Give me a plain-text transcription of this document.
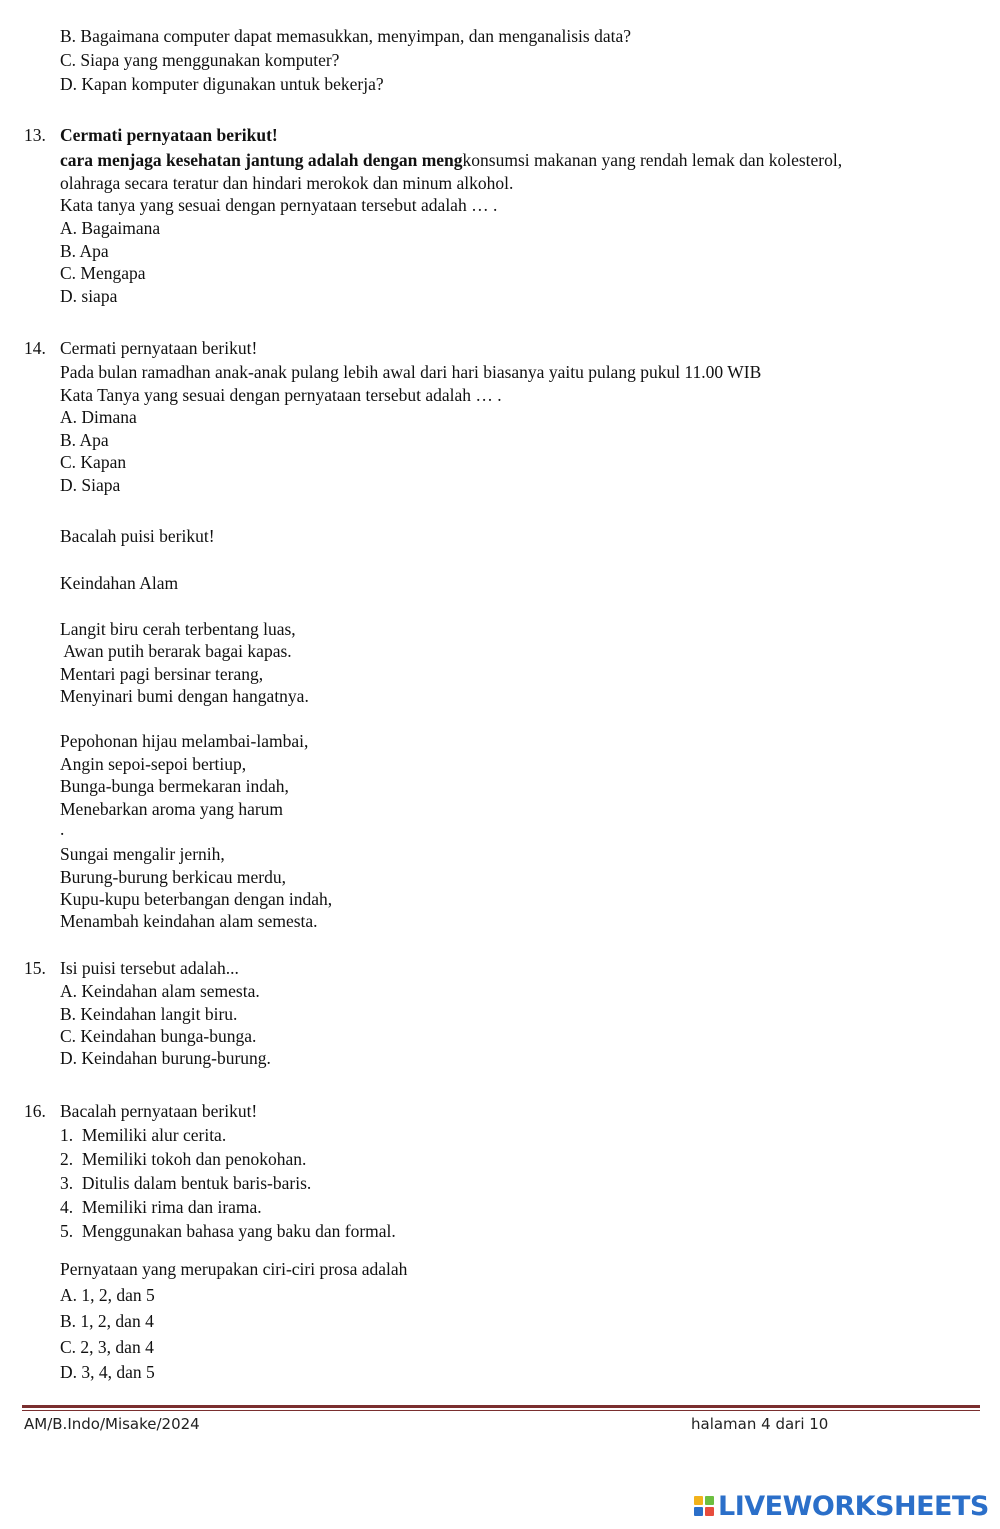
B. Bagaimana computer dapat memasukkan, menyimpan, dan menganalisis data?
C. Siapa yang menggunakan komputer?
D. Kapan komputer digunakan untuk bekerja?
13. Cermati pernyataan berikut!
cara menjaga kesehatan jantung adalah dengan mengkonsumsi makanan yang rendah lemak dan kolesterol,
olahraga secara teratur dan hindari merokok dan minum alkohol.
Kata tanya yang sesuai dengan pernyataan tersebut adalah … .
A. Bagaimana
B. Apa
C. Mengapa
D. siapa
14. Cermati pernyataan berikut!
Pada bulan ramadhan anak-anak pulang lebih awal dari hari biasanya yaitu pulang pukul 11.00 WIB
Kata Tanya yang sesuai dengan pernyataan tersebut adalah … .
A. Dimana
B. Apa
C. Kapan
D. Siapa
Bacalah puisi berikut!
Keindahan Alam
Langit biru cerah terbentang luas,
Awan putih berarak bagai kapas.
Mentari pagi bersinar terang,
Menyinari bumi dengan hangatnya.
Pepohonan hijau melambai-lambai,
Angin sepoi-sepoi bertiup,
Bunga-bunga bermekaran indah,
Menebarkan aroma yang harum
.
Sungai mengalir jernih,
Burung-burung berkicau merdu,
Kupu-kupu beterbangan dengan indah,
Menambah keindahan alam semesta.
15. Isi puisi tersebut adalah...
A. Keindahan alam semesta.
B. Keindahan langit biru.
C. Keindahan bunga-bunga.
D. Keindahan burung-burung.
16. Bacalah pernyataan berikut!
1.  Memiliki alur cerita.
2.  Memiliki tokoh dan penokohan.
3.  Ditulis dalam bentuk baris-baris.
4.  Memiliki rima dan irama.
5.  Menggunakan bahasa yang baku dan formal.
Pernyataan yang merupakan ciri-ciri prosa adalah
A. 1, 2, dan 5
B. 1, 2, dan 4
C. 2, 3, dan 4
D. 3, 4, dan 5
AM/B.Indo/Misake/2024	halaman 4 dari 10
LIVEWORKSHEETS
